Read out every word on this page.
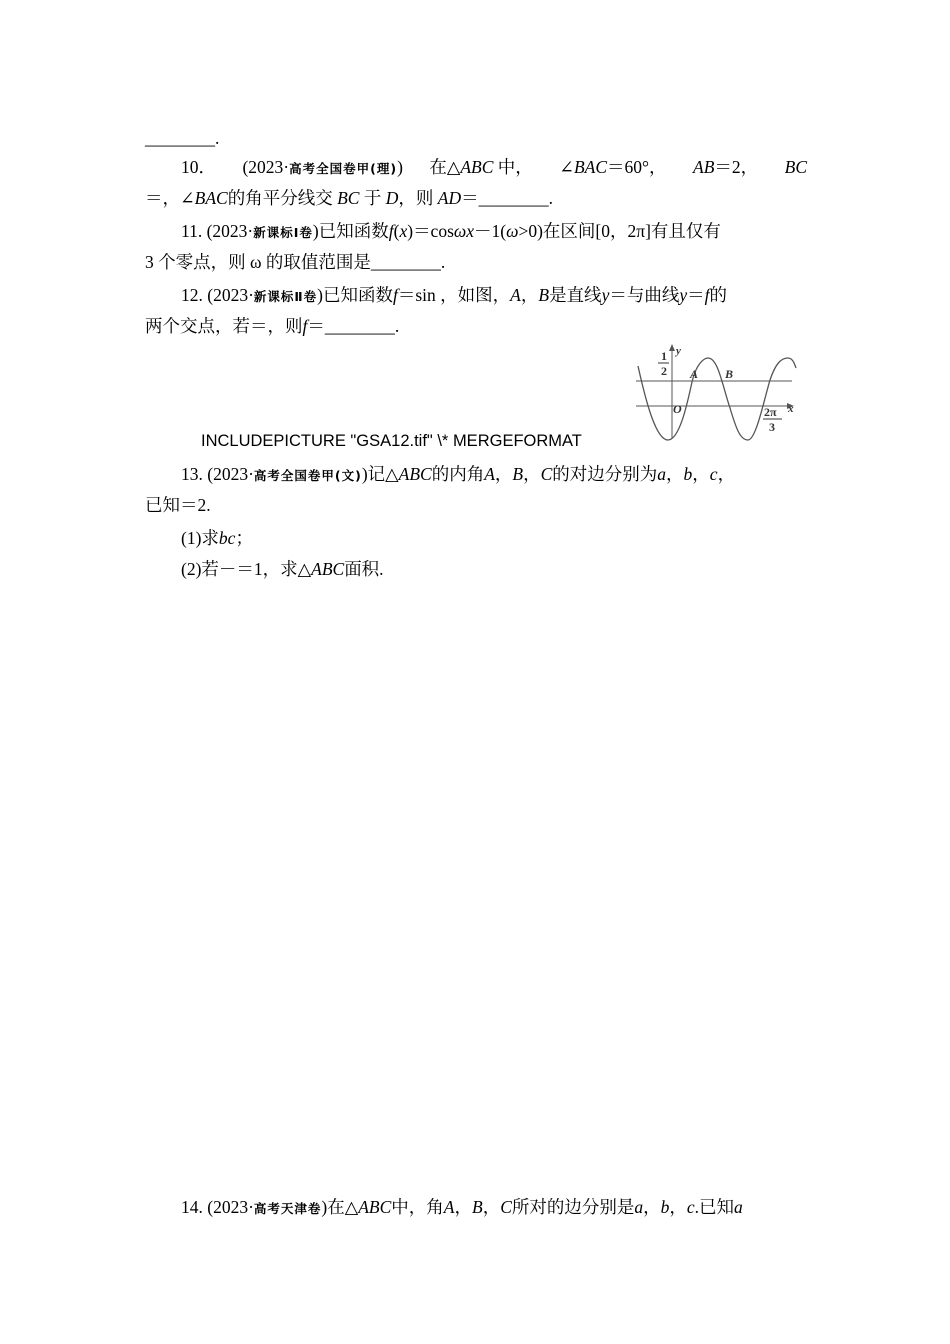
________.
10． (2023·高考全国卷甲(理)) 在△ABC 中， ∠BAC＝60°， AB＝2， BC
＝，∠BAC的角平分线交 BC 于 D，则 AD＝________.
11. (2023·新课标Ⅰ卷)已知函数f(x)＝cosωx－1(ω>0)在区间[0，2π]有且仅有
3 个零点，则 ω 的取值范围是________.
12. (2023·新课标Ⅱ卷)已知函数f＝sin ，如图，A，B是直线y＝与曲线y＝f的
两个交点，若＝，则f＝________.
1
2
y
x
O
A B
2π
3
INCLUDEPICTURE "GSA12.tif" \* MERGEFORMAT
13. (2023·高考全国卷甲(文))记△ABC的内角A，B，C的对边分别为a，b，c，
已知＝2.
(1)求bc；
(2)若－＝1，求△ABC面积.
14. (2023·高考天津卷)在△ABC中，角A，B，C所对的边分别是a，b，c.已知a
